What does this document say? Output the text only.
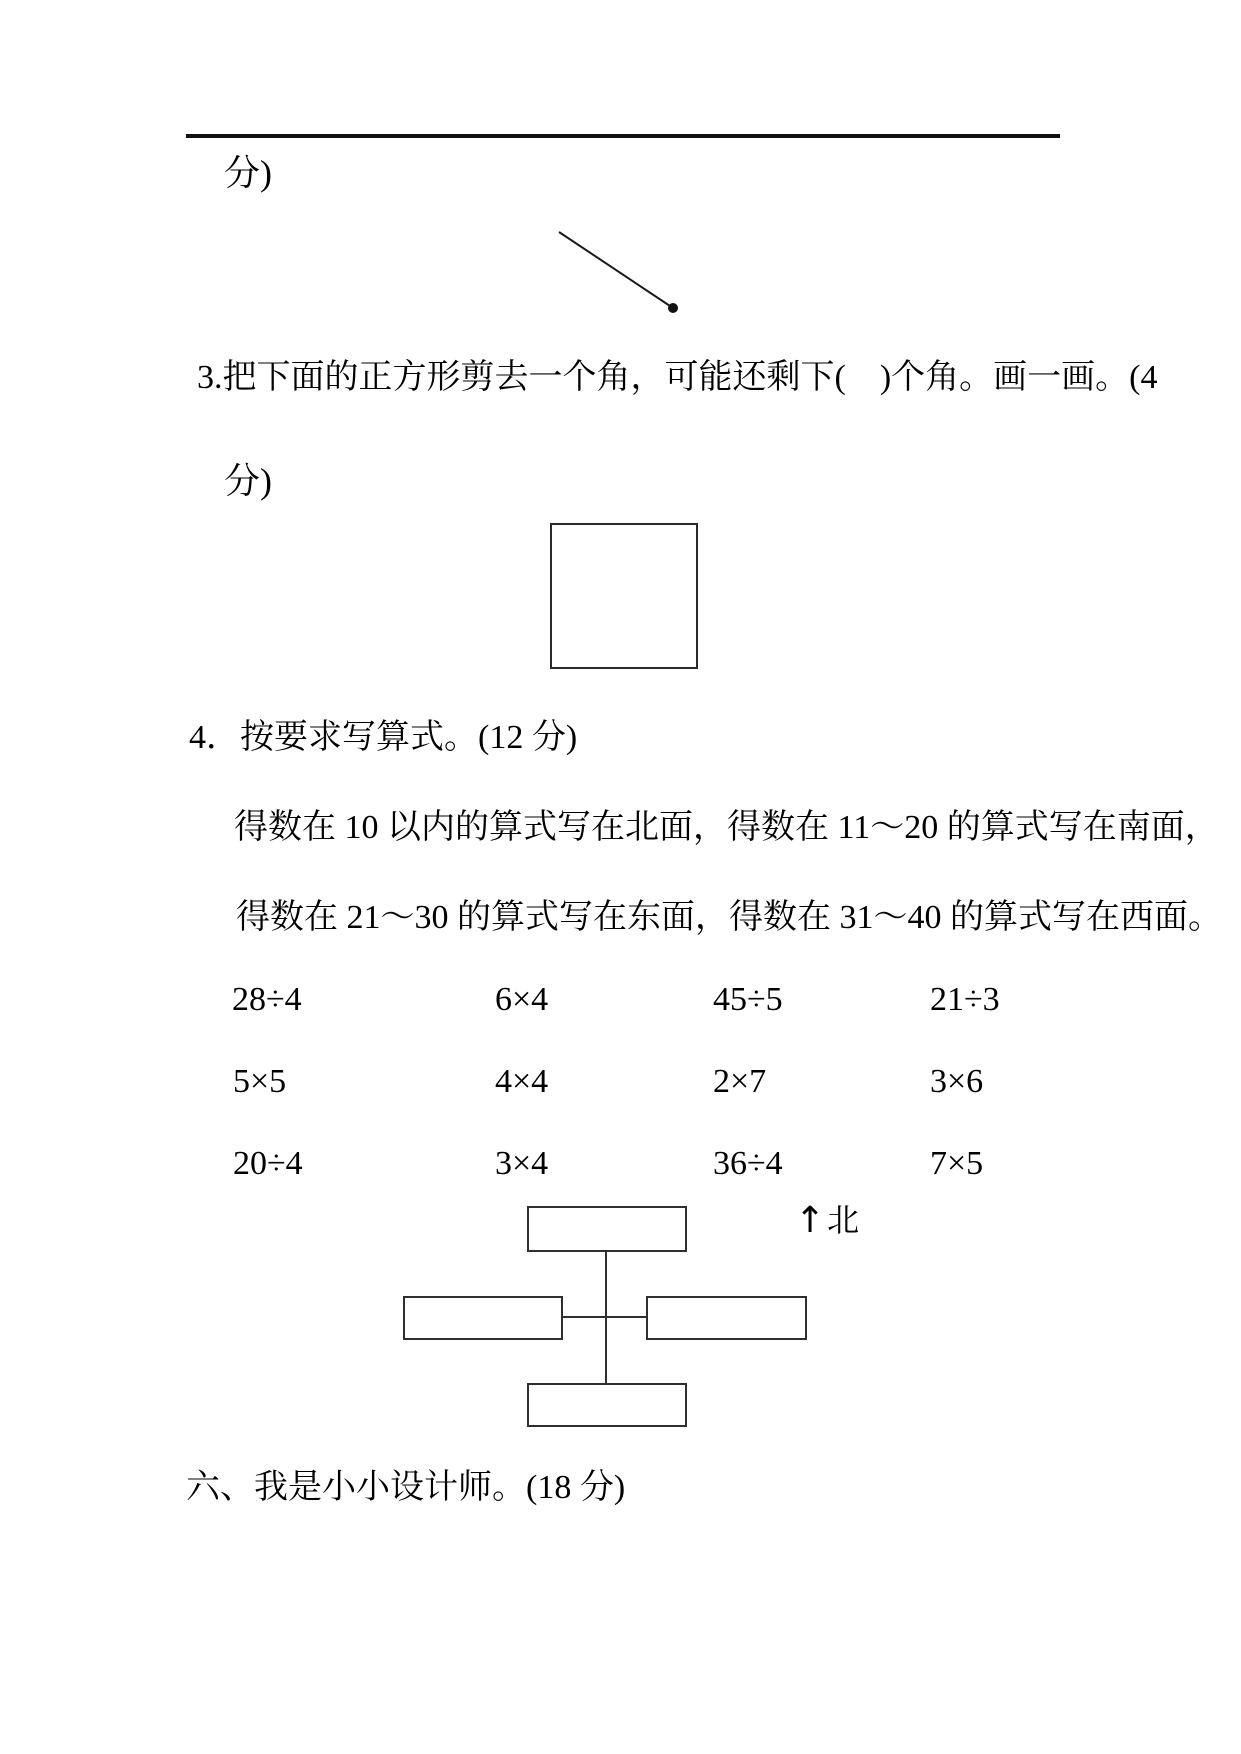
分)
3.把下面的正方形剪去一个角，可能还剩下(　)个角。画一画。(4
分)
4．按要求写算式。(12 分)
得数在 10 以内的算式写在北面，得数在 11～20 的算式写在南面，
得数在 21～30 的算式写在东面，得数在 31～40 的算式写在西面。
28÷4	6×4	45÷5	21÷3
5×5	4×4	2×7	3×6
20÷4	3×4	36÷4	7×5
↑ 北
六、我是小小设计师。(18 分)
